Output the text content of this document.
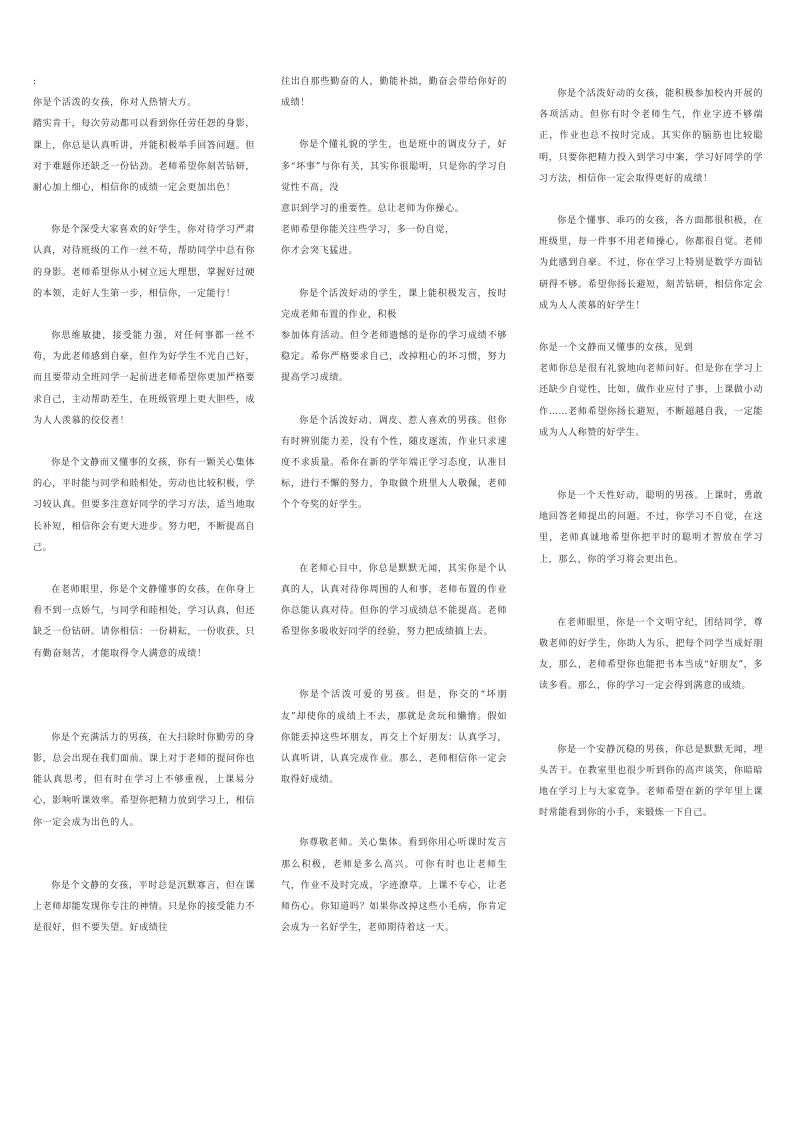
:

你是个活泼的女孩，你对人热情大方。

踏实肯干，每次劳动都可以看到你任劳任怨的身影，课上，你总是认真听讲，并能积极举手回答问题。但对于难题你还缺乏一份钻劲。老师希望你刻苦钻研，耐心加上细心，相信你的成绩一定会更加出色！

你是个深受大家喜欢的好学生，你对待学习严肃认真，对待班级的工作一丝不苟，帮助同学中总有你的身影。老师希望你从小树立远大理想，掌握好过硬的本领，走好人生第一步，相信你，一定能行！

你思维敏捷，接受能力强，对任何事都一丝不苟，为此老师感到自豪，但作为好学生不光自己好，而且要带动全班同学一起前进老师希望你更加严格要求自己，主动帮助差生，在班级管理上更大胆些，成为人人羡慕的佼佼者！

你是个文静而又懂事的女孩，你有一颗关心集体的心，平时能与同学和睦相处，劳动也比较积极，学习较认真。但要多注意好同学的学习方法，适当地取长补短，相信你会有更大进步。努力吧，不断提高自己。

在老师眼里，你是个文静懂事的女孩，在你身上看不到一点娇气，与同学和睦相处，学习认真，但还缺乏一份钻研。请你相信：一份耕耘，一份收获，只有勤奋刻苦，才能取得令人满意的成绩！

你是个充满活力的男孩，在大扫除时你勤劳的身影，总会出现在我们面前。课上对于老师的提问你也能认真思考，但有时在学习上不够重视，上课易分心，影响听课效率。希望你把精力放到学习上，相信你一定会成为出色的人。

你是个文静的女孩，平时总是沉默寡言，但在课上老师却能发现你专注的神情。只是你的接受能力不是很好，但不要失望。好成绩往

往出自那些勤奋的人，勤能补拙，勤奋会带给你好的成绩！

你是个懂礼貌的学生，也是班中的调皮分子，好多“坏事”与你有关，其实你很聪明，只是你的学习自觉性不高，没

意识到学习的重要性。总让老师为你操心。

老师希望你能关注些学习，多一份自觉，

你才会突飞猛进。

你是个活泼好动的学生，课上能积极发言，按时完成老师布置的作业，积极

参加体育活动。但令老师遗憾的是你的学习成绩不够稳定。希你严格要求自己，改掉粗心的坏习惯，努力提高学习成绩。

你是个活泼好动、调皮、惹人喜欢的男孩。但你有时辨别能力差，没有个性，随皮逐流，作业只求速度不求质量。希你在新的学年端正学习态度，认准目标，进行不懈的努力，争取做个班里人人敬佩，老师个个夸奖的好学生。

在老师心目中，你总是默默无闻，其实你是个认真的人，认真对待你周围的人和事，老师布置的作业你总能认真对待。但你的学习成绩总不能提高。老师希望你多吸收好同学的经验，努力把成绩搞上去。

你是个活泼可爱的男孩。但是，你交的“坏朋友”却使你的成绩上不去，那就是贪玩和懒惰。假如你能丢掉这些坏朋友，再交上个好朋友：认真学习，认真听讲，认真完成作业。那么，老师相信你一定会取得好成绩。

你尊敬老师。关心集体。看到你用心听课时发言那么积极，老师是多么高兴。可你有时也让老师生气，作业不及时完成，字迹潦草。上课不专心，让老师伤心。你知道吗？如果你改掉这些小毛病，你肯定会成为一名好学生，老师期待着这一天。

你是个活泼好动的女孩，能积极参加校内开展的各项活动。但你有时令老师生气，作业字迹不够端正，作业也总不按时完成。其实你的脑筋也比较聪明，只要你把精力投入到学习中案，学习好同学的学习方法，相信你一定会取得更好的成绩！

你是个懂事、乖巧的女孩，各方面都很积极，在班级里，每一件事不用老师操心，你都很自觉。老师为此感到自豪。不过，你在学习上特别是数学方面钻研得不够。希望你扬长避短，刻苦钻研，相信你定会成为人人羡慕的好学生！

你是一个文静而又懂事的女孩，见到

老师你总是很有礼貌地向老师问好。但是你在学习上还缺少自觉性，比如，做作业应付了事，上课做小动作……老师希望你扬长避短，不断超越自我，一定能成为人人称赞的好学生。

你是一个天性好动，聪明的男孩。上课时，勇敢地回答老师提出的问题。不过，你学习不自觉，在这里，老师真诚地希望你把平时的聪明才智放在学习上，那么，你的学习将会更出色。

在老师眼里，你是一个文明守纪，团结同学，尊敬老师的好学生，你助人为乐，把每个同学当成好朋友，那么，老师希望你也能把书本当成“好朋友”，多读多看。那么，你的学习一定会得到满意的成绩。

你是一个安静沉稳的男孩，你总是默默无闻，埋头苦干。在教室里也很少听到你的高声谈笑，你暗暗地在学习上与大家竟争。老师希望在新的学年里上课时常能看到你的小手，来锻炼一下自己。
